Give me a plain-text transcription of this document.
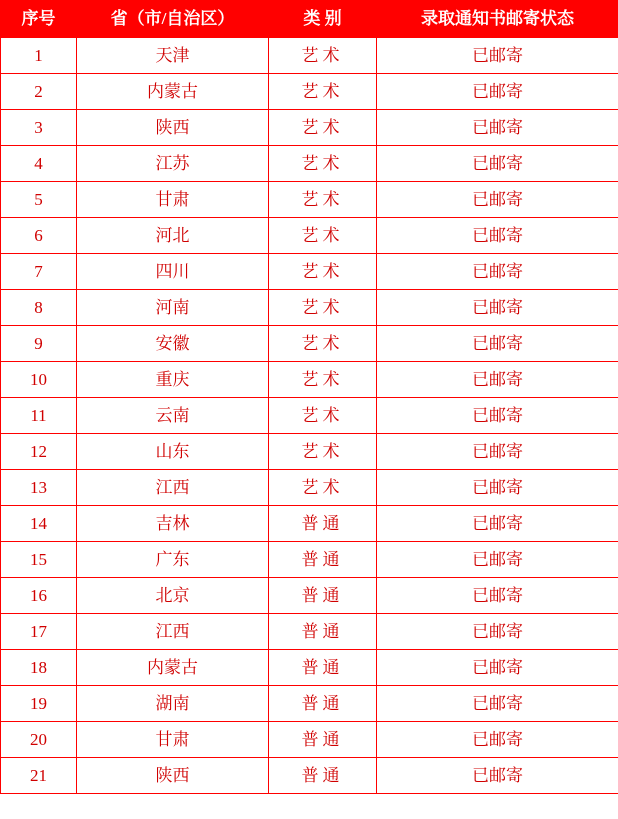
序号	省（市/自治区）	类 别	录取通知书邮寄状态
1	天津	艺术	已邮寄
2	内蒙古	艺术	已邮寄
3	陕西	艺术	已邮寄
4	江苏	艺术	已邮寄
5	甘肃	艺术	已邮寄
6	河北	艺术	已邮寄
7	四川	艺术	已邮寄
8	河南	艺术	已邮寄
9	安徽	艺术	已邮寄
10	重庆	艺术	已邮寄
11	云南	艺术	已邮寄
12	山东	艺术	已邮寄
13	江西	艺术	已邮寄
14	吉林	普通	已邮寄
15	广东	普通	已邮寄
16	北京	普通	已邮寄
17	江西	普通	已邮寄
18	内蒙古	普通	已邮寄
19	湖南	普通	已邮寄
20	甘肃	普通	已邮寄
21	陕西	普通	已邮寄
